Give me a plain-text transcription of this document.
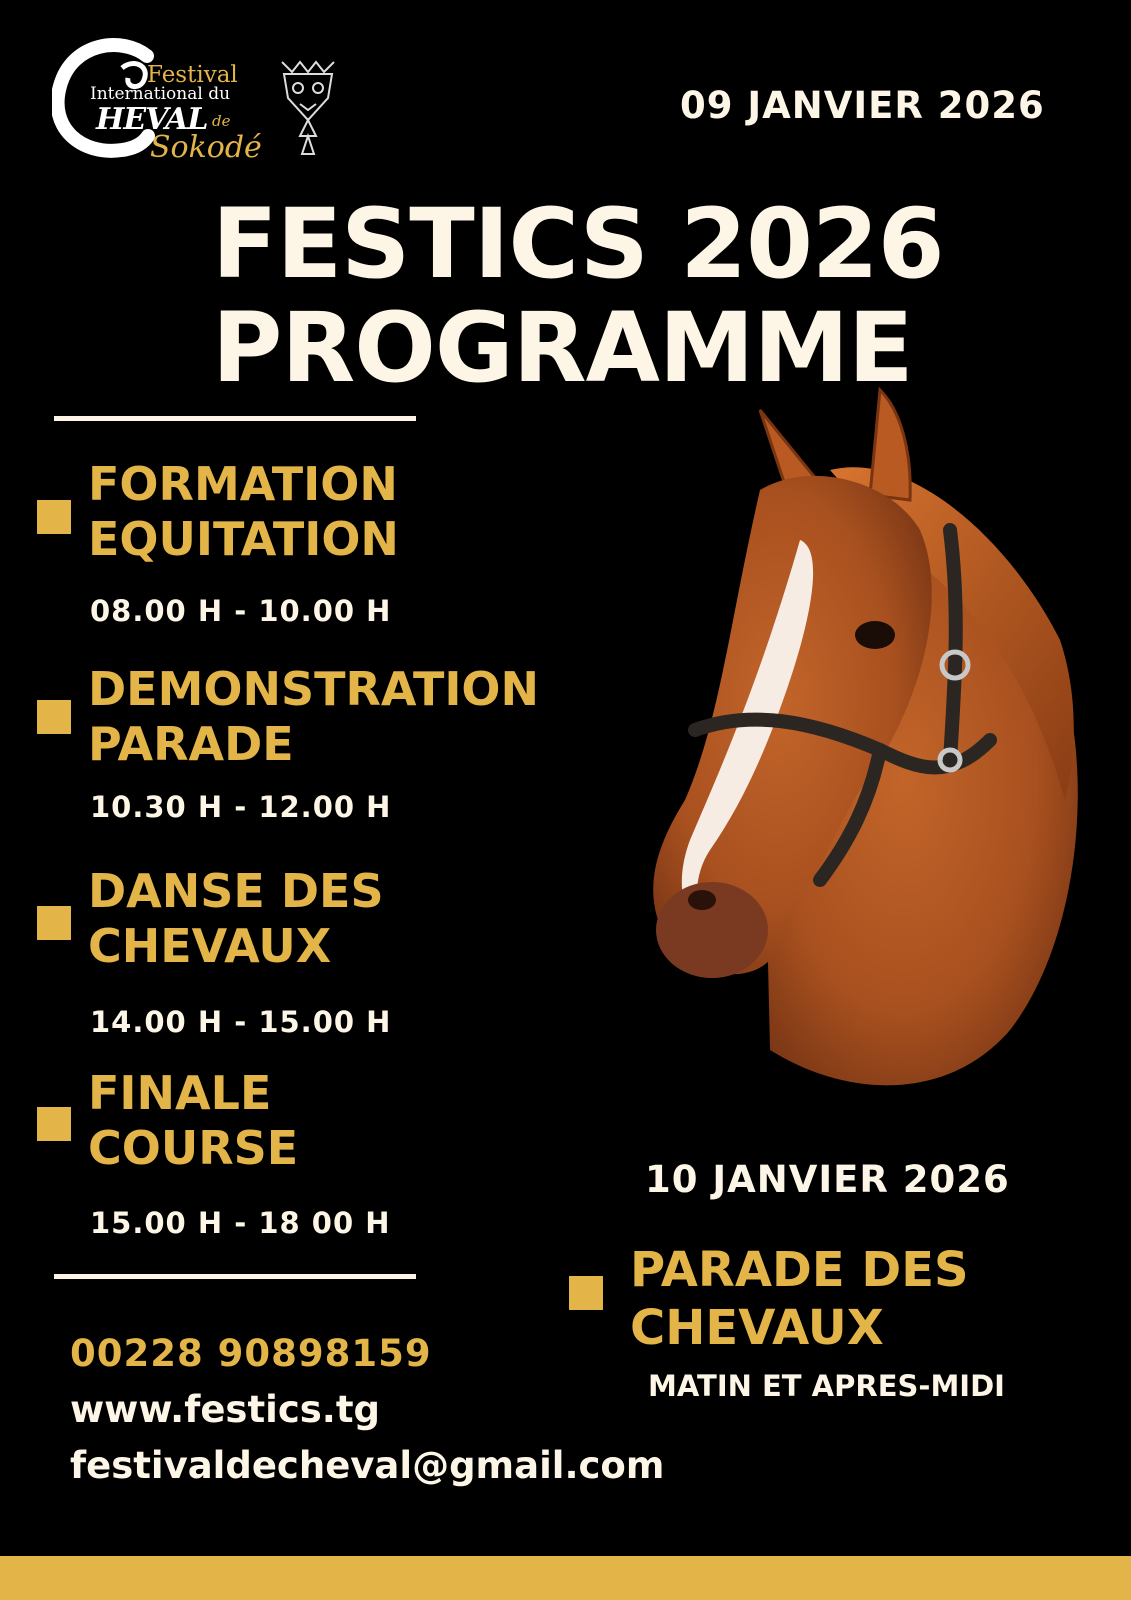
Festival
International du
HEVAL de
Sokodé
09 JANVIER 2026
FESTICS 2026
PROGRAMME
FORMATION
EQUITATION
08.00 H - 10.00 H
DEMONSTRATION
PARADE
10.30 H - 12.00 H
DANSE DES
CHEVAUX
14.00 H - 15.00 H
FINALE
COURSE
15.00 H - 18 00 H
10 JANVIER 2026
PARADE DES
CHEVAUX
MATIN ET APRES-MIDI
00228 90898159
www.festics.tg
festivaldecheval@gmail.com
